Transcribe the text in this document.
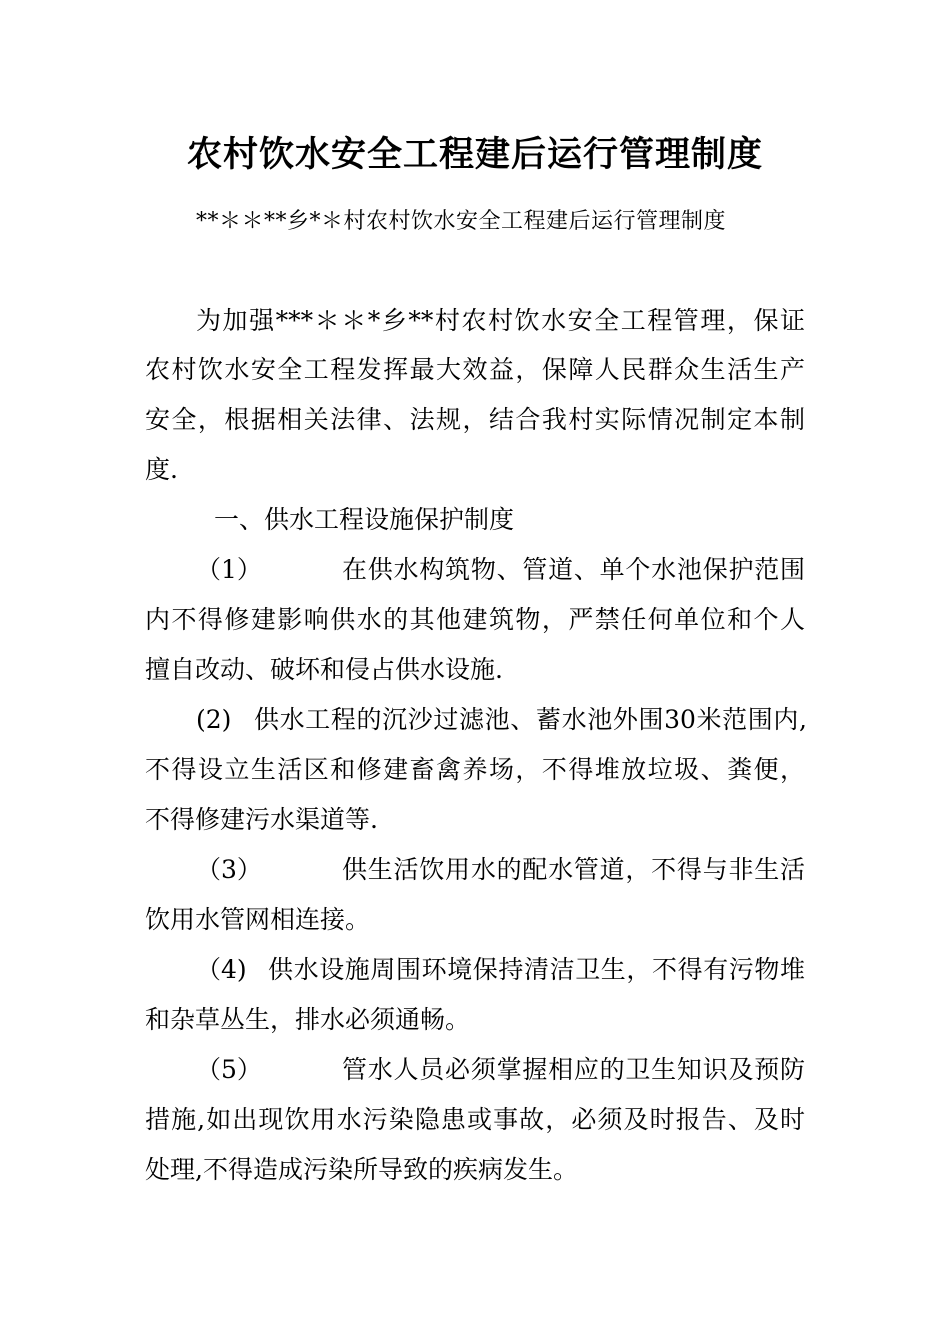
农村饮水安全工程建后运行管理制度
**＊＊**乡*＊村农村饮水安全工程建后运行管理制度
为加强***＊＊*乡**村农村饮水安全工程管理，保证
农村饮水安全工程发挥最大效益，保障人民群众生活生产
安全，根据相关法律、法规，结合我村实际情况制定本制
度.
一、供水工程设施保护制度
（1）	在供水构筑物、管道、单个水池保护范围
内不得修建影响供水的其他建筑物，严禁任何单位和个人
擅自改动、破坏和侵占供水设施.
(2) 供水工程的沉沙过滤池、蓄水池外围30米范围内,
不得设立生活区和修建畜禽养场，不得堆放垃圾、粪便，
不得修建污水渠道等.
（3）	供生活饮用水的配水管道，不得与非生活
饮用水管网相连接。
（4) 供水设施周围环境保持清洁卫生，不得有污物堆
和杂草丛生，排水必须通畅。
（5）	管水人员必须掌握相应的卫生知识及预防
措施,如出现饮用水污染隐患或事故，必须及时报告、及时
处理,不得造成污染所导致的疾病发生。
